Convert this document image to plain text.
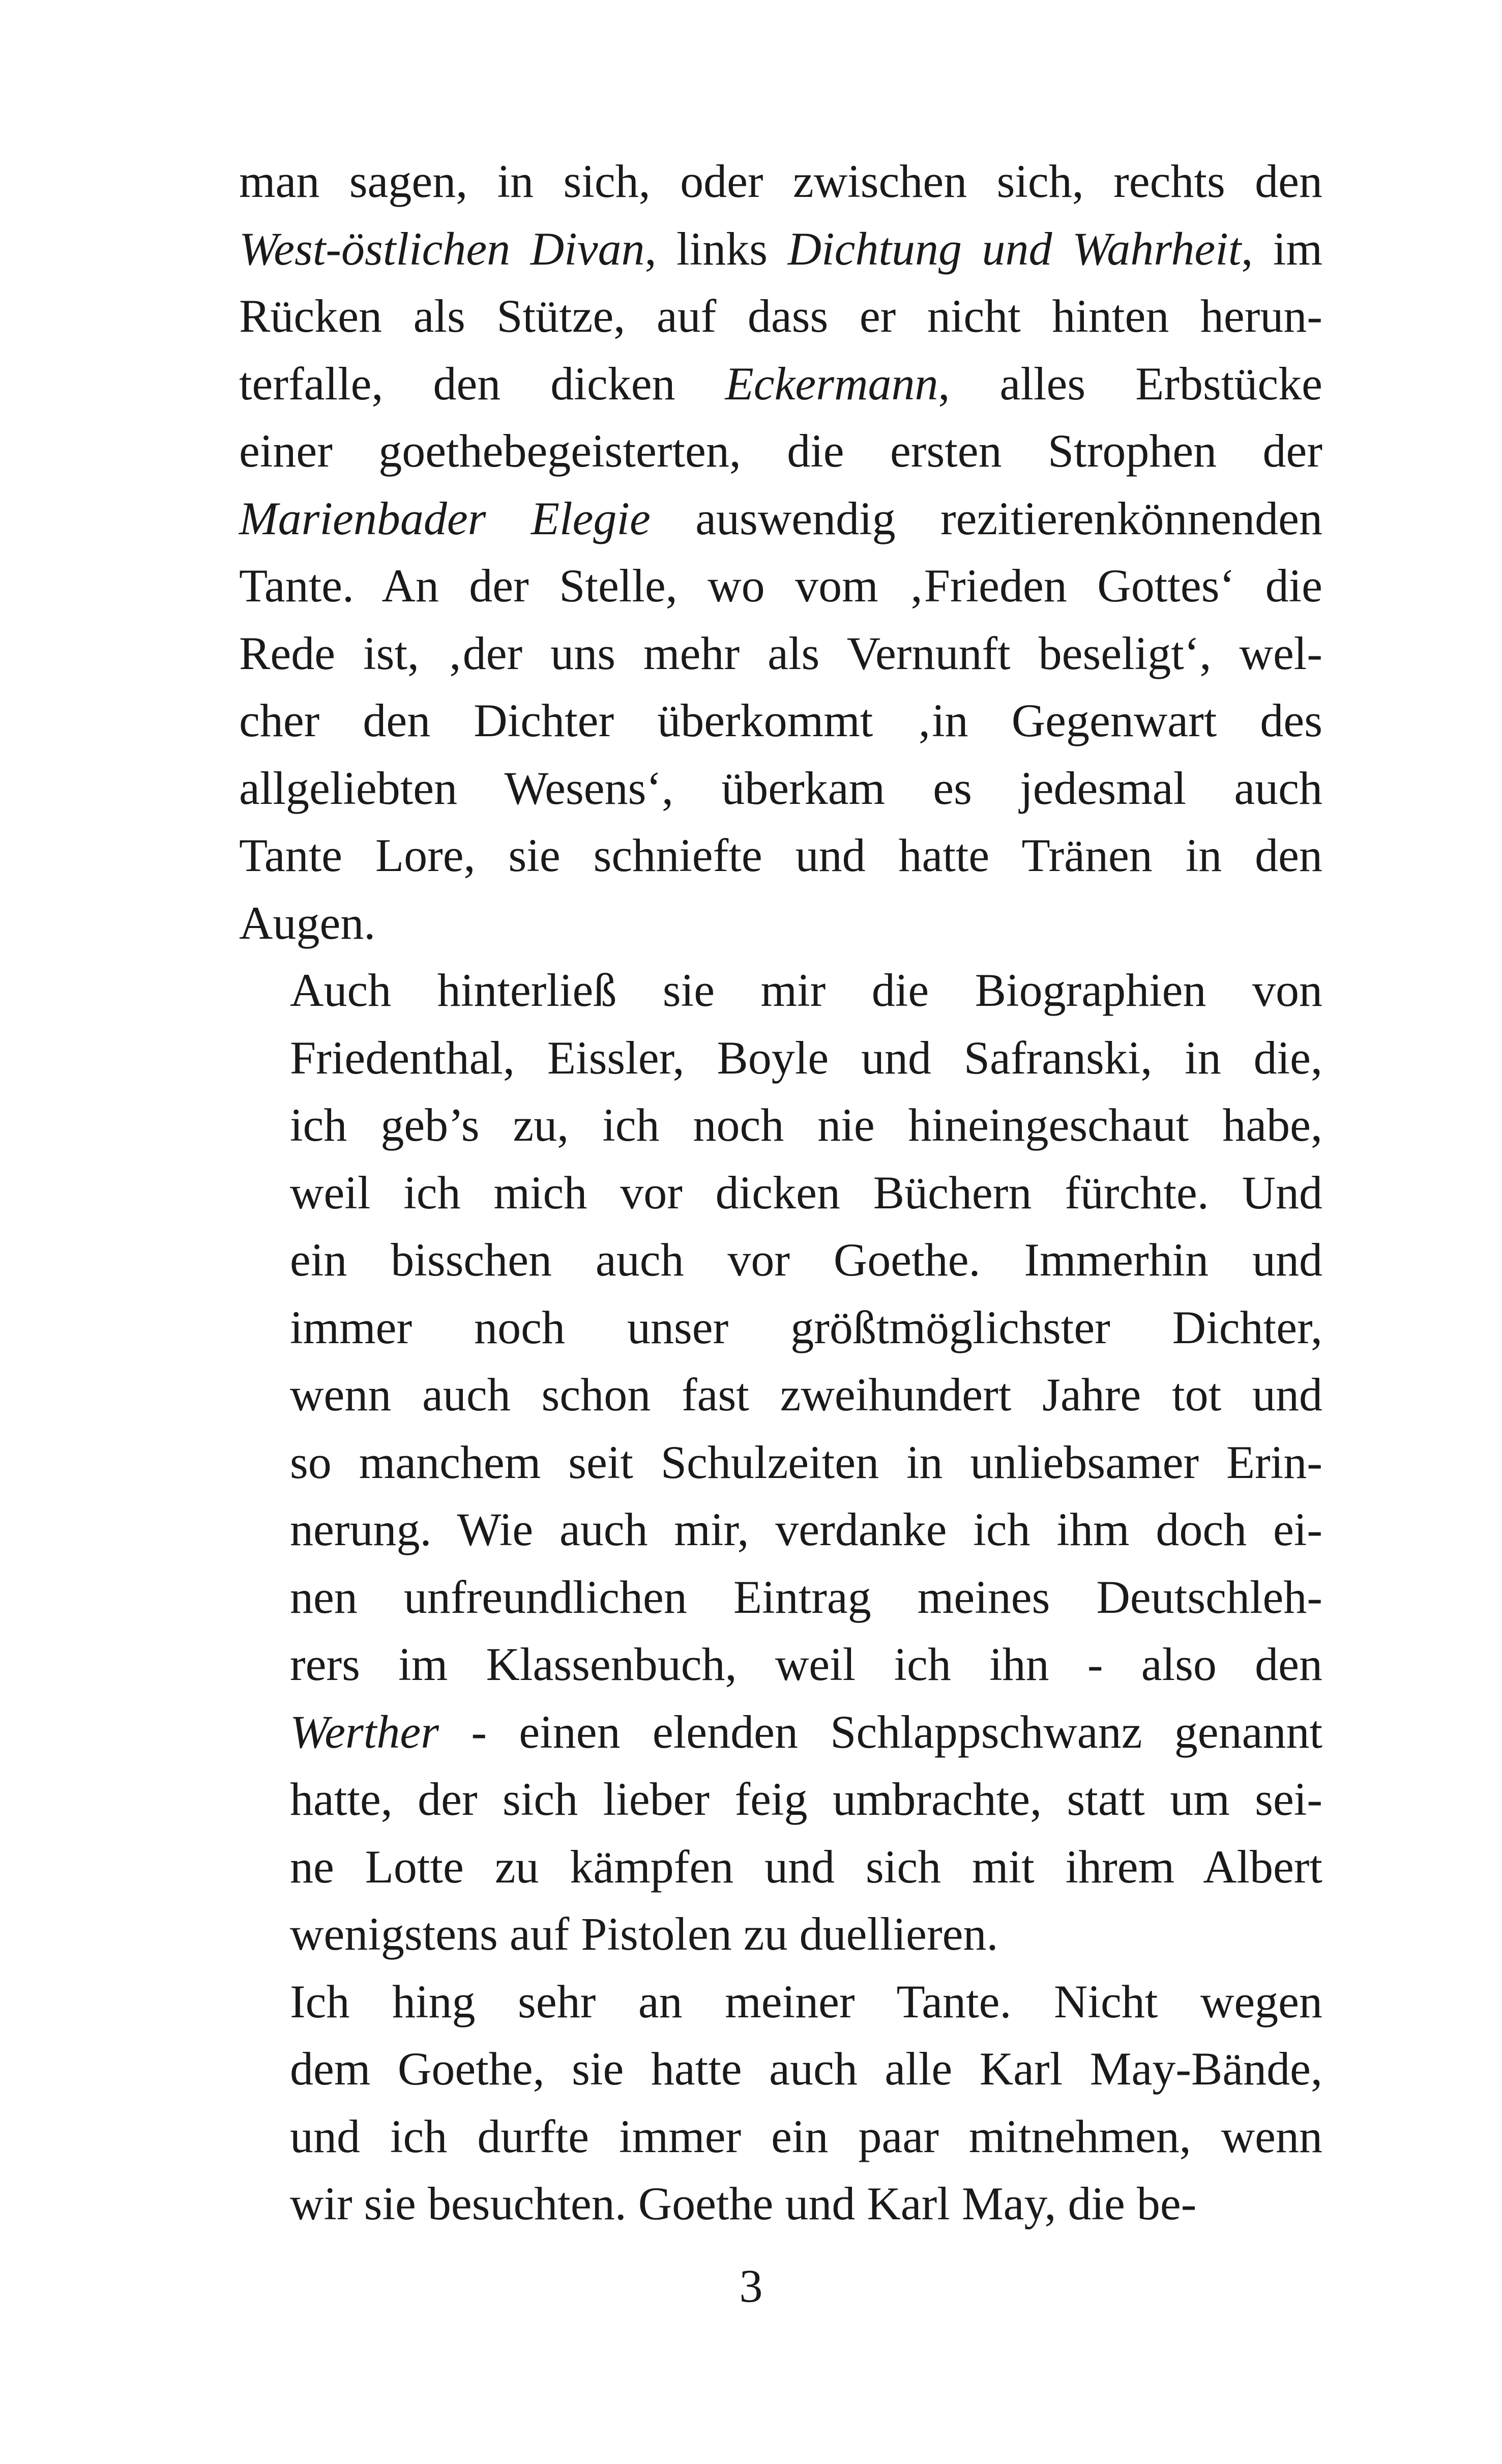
man sagen, in sich, oder zwischen sich, rechts den
West-östlichen Divan, links Dichtung und Wahrheit, im
Rücken als Stütze, auf dass er nicht hinten herun-
terfalle, den dicken Eckermann, alles Erbstücke
einer goethebegeisterten, die ersten Strophen der
Marienbader Elegie auswendig rezitierenkönnenden
Tante. An der Stelle, wo vom ‚Frieden Gottes‘ die
Rede ist, ‚der uns mehr als Vernunft beseligt‘, wel-
cher den Dichter überkommt ‚in Gegenwart des
allgeliebten Wesens‘, überkam es jedesmal auch
Tante Lore, sie schniefte und hatte Tränen in den
Augen.

Auch hinterließ sie mir die Biographien von
Friedenthal, Eissler, Boyle und Safranski, in die,
ich geb’s zu, ich noch nie hineingeschaut habe,
weil ich mich vor dicken Büchern fürchte. Und
ein bisschen auch vor Goethe. Immerhin und
immer noch unser größtmöglichster Dichter,
wenn auch schon fast zweihundert Jahre tot und
so manchem seit Schulzeiten in unliebsamer Erin-
nerung. Wie auch mir, verdanke ich ihm doch ei-
nen unfreundlichen Eintrag meines Deutschleh-
rers im Klassenbuch, weil ich ihn - also den
Werther - einen elenden Schlappschwanz genannt
hatte, der sich lieber feig umbrachte, statt um sei-
ne Lotte zu kämpfen und sich mit ihrem Albert
wenigstens auf Pistolen zu duellieren.

Ich hing sehr an meiner Tante. Nicht wegen
dem Goethe, sie hatte auch alle Karl May-Bände,
und ich durfte immer ein paar mitnehmen, wenn
wir sie besuchten. Goethe und Karl May, die be-

3
